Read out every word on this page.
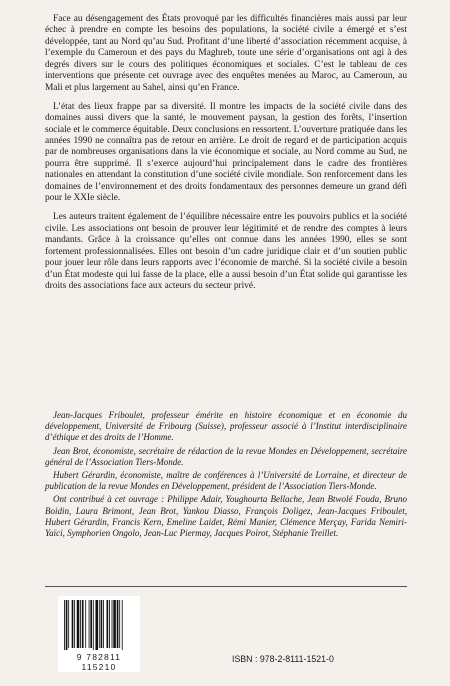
Face au désengagement des États provoqué par les difficultés financières mais aussi par leur échec à prendre en compte les besoins des populations, la société civile a émergé et s’est développée, tant au Nord qu’au Sud. Profitant d’une liberté d’association récemment acquise, à l’exemple du Cameroun et des pays du Maghreb, toute une série d’organisations ont agi à des degrés divers sur le cours des politiques économiques et sociales. C’est le tableau de ces interventions que présente cet ouvrage avec des enquêtes menées au Maroc, au Cameroun, au Mali et plus largement au Sahel, ainsi qu’en France.

L’état des lieux frappe par sa diversité. Il montre les impacts de la société civile dans des domaines aussi divers que la santé, le mouvement paysan, la gestion des forêts, l’insertion sociale et le commerce équitable. Deux conclusions en ressortent. L’ouverture pratiquée dans les années 1990 ne connaîtra pas de retour en arrière. Le droit de regard et de participation acquis par de nombreuses organisations dans la vie économique et sociale, au Nord comme au Sud, ne pourra être supprimé. Il s’exerce aujourd’hui principalement dans le cadre des frontières nationales en attendant la constitution d’une société civile mondiale. Son renforcement dans les domaines de l’environnement et des droits fondamentaux des personnes demeure un grand défi pour le XXIe siècle.

Les auteurs traitent également de l’équilibre nécessaire entre les pouvoirs publics et la société civile. Les associations ont besoin de prouver leur légitimité et de rendre des comptes à leurs mandants. Grâce à la croissance qu’elles ont connue dans les années 1990, elles se sont fortement professionnalisées. Elles ont besoin d’un cadre juridique clair et d’un soutien public pour jouer leur rôle dans leurs rapports avec l’économie de marché. Si la société civile a besoin d’un État modeste qui lui fasse de la place, elle a aussi besoin d’un État solide qui garantisse les droits des associations face aux acteurs du secteur privé.

Jean-Jacques Friboulet, professeur émérite en histoire économique et en économie du développement, Université de Fribourg (Suisse), professeur associé à l’Institut interdisciplinaire d’éthique et des droits de l’Homme.

Jean Brot, économiste, secrétaire de rédaction de la revue Mondes en Développement, secrétaire général de l’Association Tiers-Monde.

Hubert Gérardin, économiste, maître de conférences à l’Université de Lorraine, et directeur de publication de la revue Mondes en Développement, président de l’Association Tiers-Monde.

Ont contribué à cet ouvrage : Philippe Adair, Youghourta Bellache, Jean Btwolé Fouda, Bruno Boidin, Laura Brimont, Jean Brot, Yankou Diasso, François Doligez, Jean-Jacques Friboulet, Hubert Gérardin, Francis Kern, Emeline Laidet, Rémi Manier, Clémence Merçay, Farida Nemiri-Yaïci, Symphorien Ongolo, Jean-Luc Piermay, Jacques Poirot, Stéphanie Treillet.

9 782811 115210
ISBN : 978-2-8111-1521-0
